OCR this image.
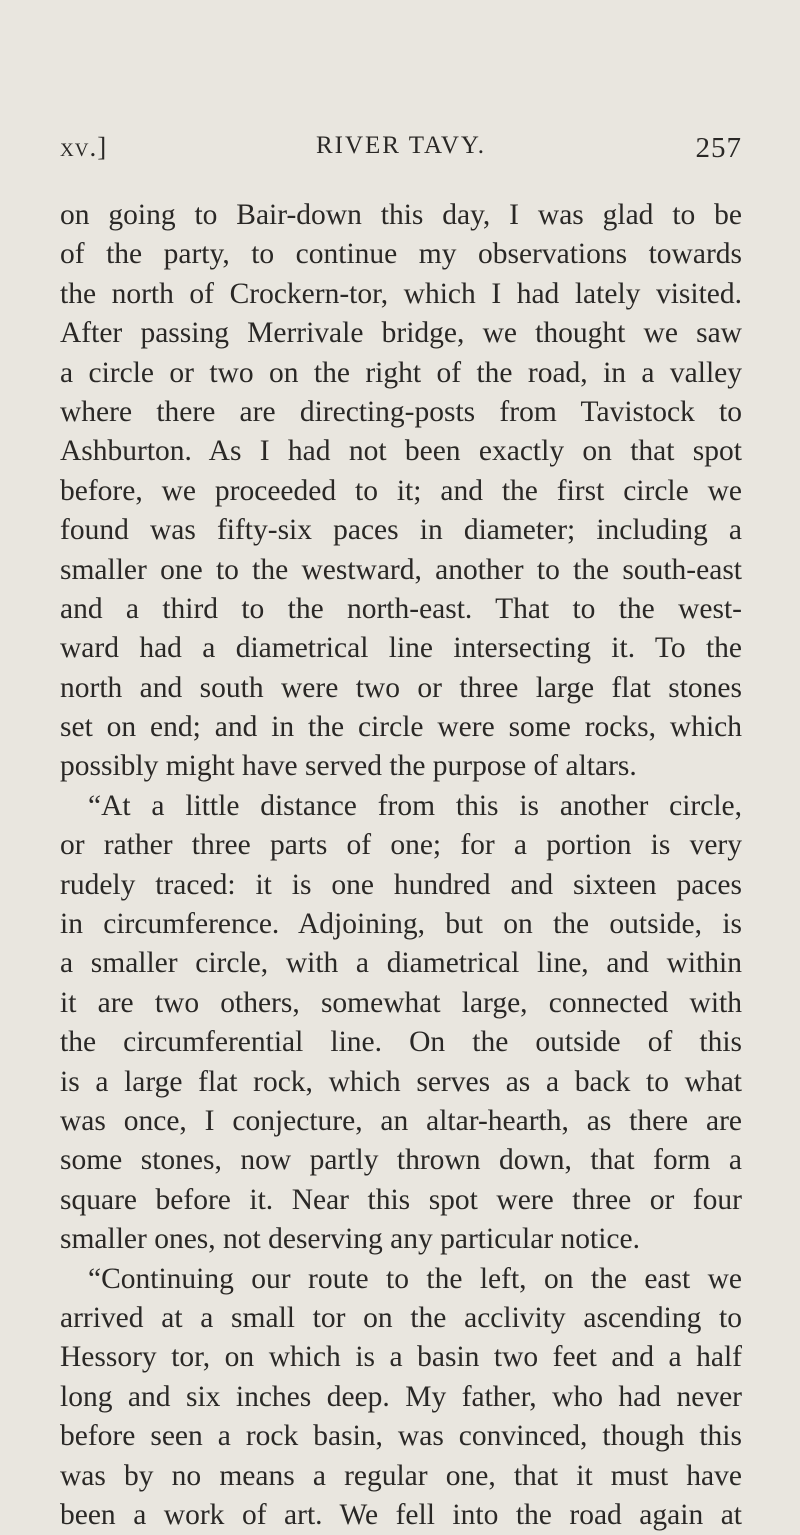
xv.]	RIVER TAVY.	257
on going to Bair-down this day, I was glad to be
of the party, to continue my observations towards
the north of Crockern-tor, which I had lately visited.
After passing Merrivale bridge, we thought we saw
a circle or two on the right of the road, in a valley
where there are directing-posts from Tavistock to
Ashburton. As I had not been exactly on that spot
before, we proceeded to it; and the first circle we
found was fifty-six paces in diameter; including a
smaller one to the westward, another to the south-east
and a third to the north-east. That to the west-
ward had a diametrical line intersecting it. To the
north and south were two or three large flat stones
set on end; and in the circle were some rocks, which
possibly might have served the purpose of altars.
“At a little distance from this is another circle,
or rather three parts of one; for a portion is very
rudely traced: it is one hundred and sixteen paces
in circumference. Adjoining, but on the outside, is
a smaller circle, with a diametrical line, and within
it are two others, somewhat large, connected with
the circumferential line. On the outside of this
is a large flat rock, which serves as a back to what
was once, I conjecture, an altar-hearth, as there are
some stones, now partly thrown down, that form a
square before it. Near this spot were three or four
smaller ones, not deserving any particular notice.
“Continuing our route to the left, on the east we
arrived at a small tor on the acclivity ascending to
Hessory tor, on which is a basin two feet and a half
long and six inches deep. My father, who had never
before seen a rock basin, was convinced, though this
was by no means a regular one, that it must have
been a work of art. We fell into the road again at
